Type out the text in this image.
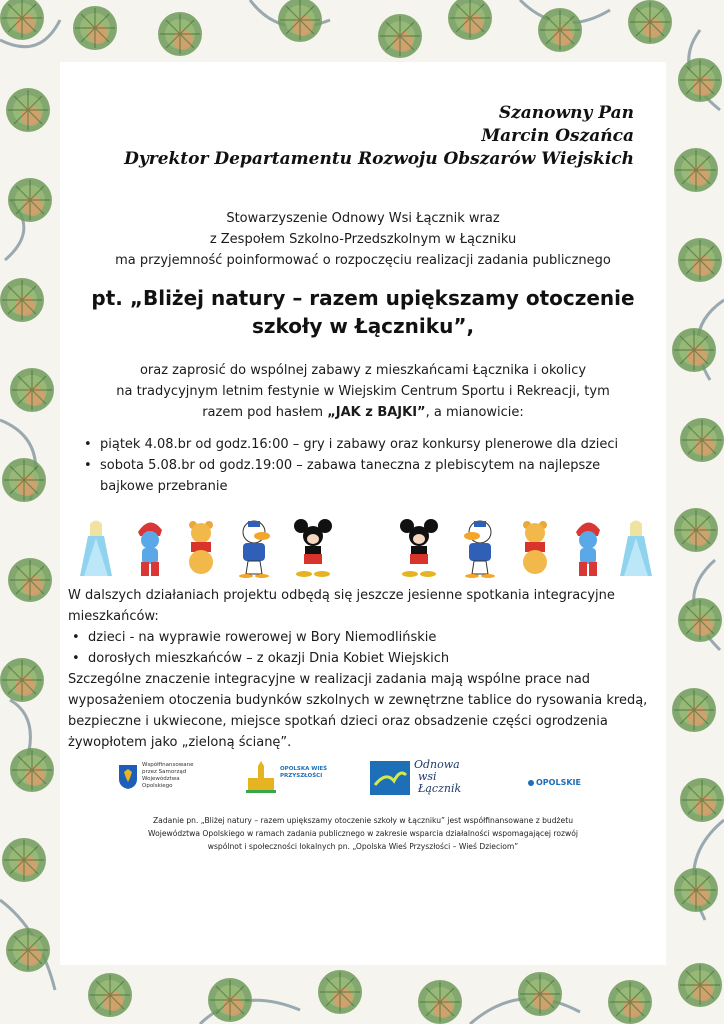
Szanowny Pan
Marcin Oszańca
Dyrektor Departamentu Rozwoju Obszarów Wiejskich
Stowarzyszenie Odnowy Wsi Łącznik wraz
z Zespołem Szkolno-Przedszkolnym w Łączniku
ma przyjemność poinformować o rozpoczęciu realizacji zadania publicznego
pt. „Bliżej natury – razem upiększamy otoczenie
szkoły w Łączniku”,
oraz zaprosić do wspólnej zabawy z mieszkańcami Łącznika i okolicy
na tradycyjnym letnim festynie w Wiejskim Centrum Sportu i Rekreacji, tym
razem pod hasłem „JAK z BAJKI”, a mianowicie:
• piątek 4.08.br od godz.16:00 – gry i zabawy oraz konkursy plenerowe dla dzieci
• sobota 5.08.br od godz.19:00 – zabawa taneczna z plebiscytem na najlepsze bajkowe przebranie
W dalszych działaniach projektu odbędą się jeszcze jesienne spotkania integracyjne mieszkańców:
• dzieci - na wyprawie rowerowej w Bory Niemodlińskie
• dorosłych mieszkańców – z okazji Dnia Kobiet Wiejskich
Szczególne znaczenie integracyjne w realizacji zadania mają wspólne prace nad wyposażeniem otoczenia budynków szkolnych w zewnętrzne tablice do rysowania kredą, bezpieczne i ukwiecone, miejsce spotkań dzieci oraz obsadzenie części ogrodzenia żywopłotem jako „zieloną ścianę”.
Współfinansowane przez Samorząd Województwa Opolskiego
OPOLSKA WIEŚ PRZYSZŁOŚCI
Odnowa
wsi
Łącznik	OPOLSKIE
Zadanie pn. „Bliżej natury – razem upiększamy otoczenie szkoły w Łączniku” jest współfinansowane z budżetu
Województwa Opolskiego w ramach zadania publicznego w zakresie wsparcia działalności wspomagającej rozwój
wspólnot i społeczności lokalnych pn. „Opolska Wieś Przyszłości – Wieś Dzieciom”
